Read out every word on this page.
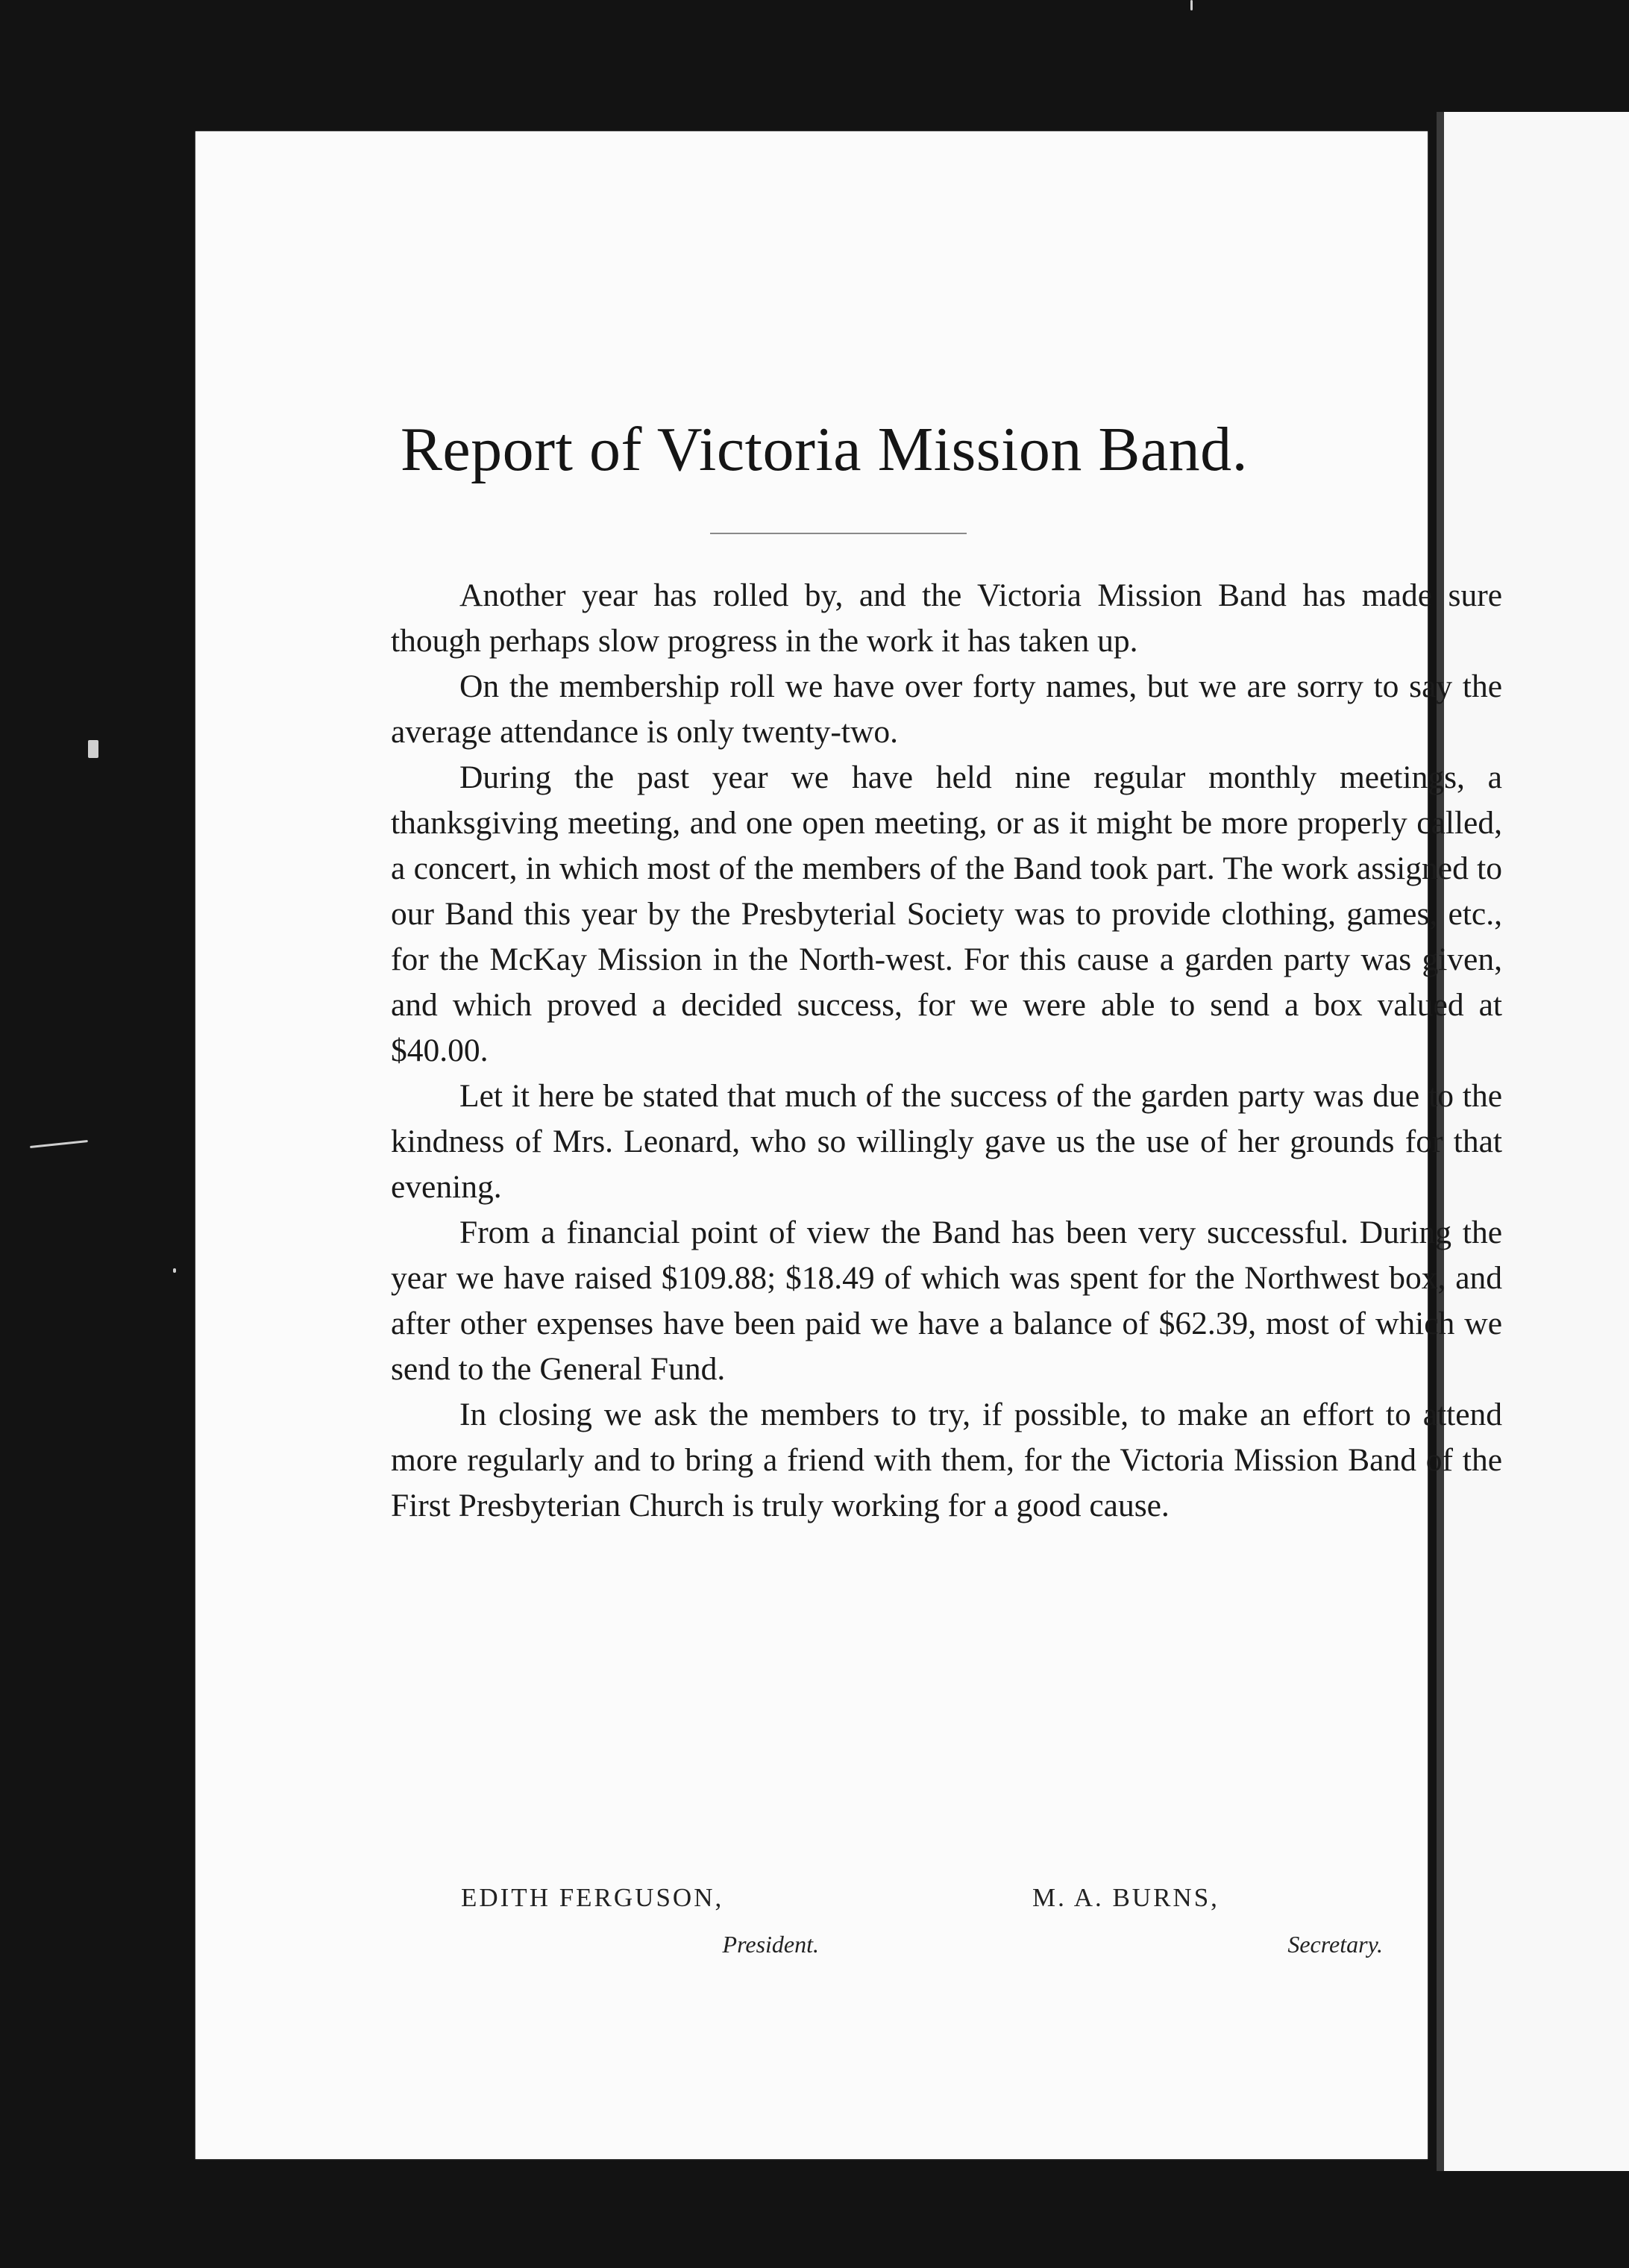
Report of Victoria Mission Band.

Another year has rolled by, and the Victoria Mission Band has made sure though perhaps slow progress in the work it has taken up.

On the membership roll we have over forty names, but we are sorry to say the average attendance is only twenty-two.

During the past year we have held nine regular monthly meetings, a thanksgiving meeting, and one open meeting, or as it might be more properly called, a concert, in which most of the members of the Band took part. The work assigned to our Band this year by the Presbyterial Society was to provide clothing, games, etc., for the McKay Mission in the North-west. For this cause a garden party was given, and which proved a decided success, for we were able to send a box valued at $40.00.

Let it here be stated that much of the success of the garden party was due to the kindness of Mrs. Leonard, who so willingly gave us the use of her grounds for that evening.

From a financial point of view the Band has been very successful. During the year we have raised $109.88; $18.49 of which was spent for the Northwest box, and after other expenses have been paid we have a balance of $62.39, most of which we send to the General Fund.

In closing we ask the members to try, if possible, to make an effort to attend more regularly and to bring a friend with them, for the Victoria Mission Band of the First Presbyterian Church is truly working for a good cause.

EDITH FERGUSON,
President.
M. A. BURNS,
Secretary.
